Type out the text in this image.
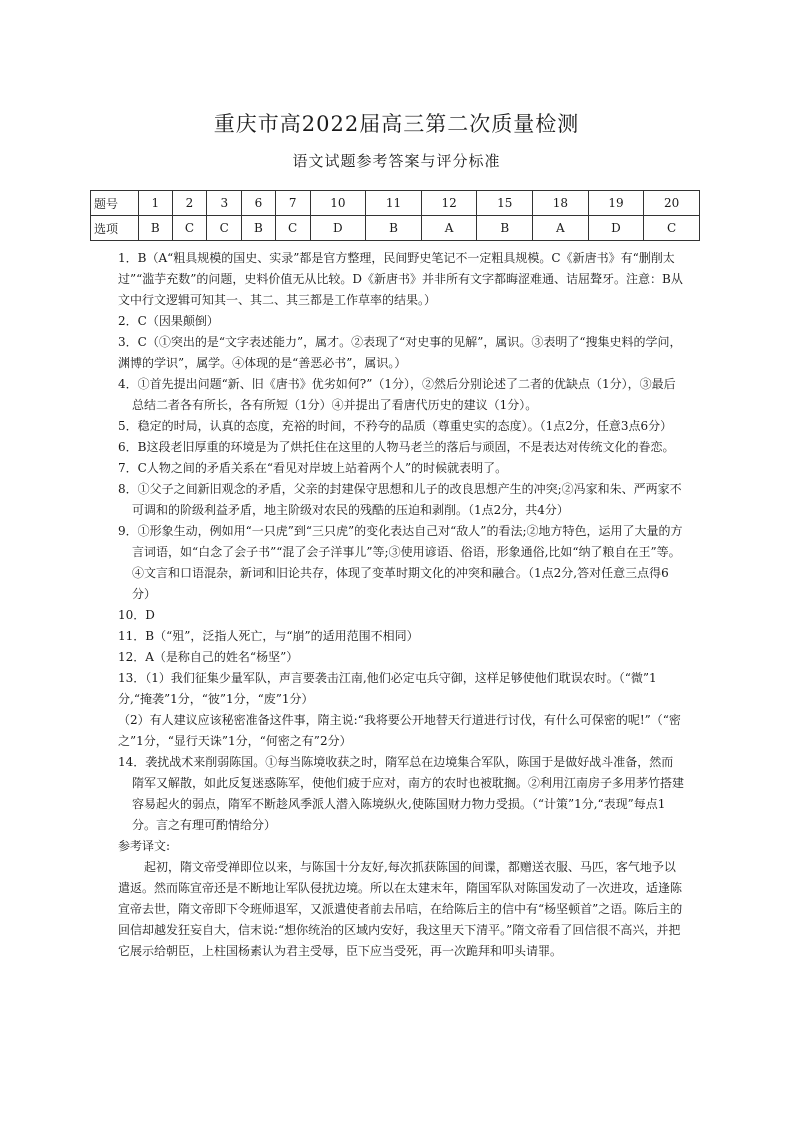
重庆市高2022届高三第二次质量检测
语文试题参考答案与评分标准
题号	1	2	3	6	7	10	11	12	15	18	19	20
选项	B	C	C	B	C	D	B	A	B	A	D	C

1．B（A“粗具规模的国史、实录”都是官方整理，民间野史笔记不一定粗具规模。C《新唐书》有“删削太过”“滥芋充数”的问题，史料价值无从比较。D《新唐书》并非所有文字都晦涩难通、诘屈聱牙。注意：B从文中行文逻辑可知其一、其二、其三都是工作草率的结果。）

2．C（因果颠倒）

3．C（①突出的是“文字表述能力”，属才。②表现了“对史事的见解”，属识。③表明了“搜集史料的学问，渊博的学识”，属学。④体现的是“善恶必书”，属识。）

4．①首先提出问题“新、旧《唐书》优劣如何?”（1分），②然后分别论述了二者的优缺点（1分），③最后总结二者各有所长，各有所短（1分）④并提出了看唐代历史的建议（1分）。

5．稳定的时局，认真的态度，充裕的时间，不矜夸的品质（尊重史实的态度）。（1点2分，任意3点6分）

6．B这段老旧厚重的环境是为了烘托住在这里的人物马老兰的落后与顽固，不是表达对传统文化的眷恋。

7．C人物之间的矛盾关系在“看见对岸坡上站着两个人”的时候就表明了。

8．①父子之间新旧观念的矛盾，父亲的封建保守思想和儿子的改良思想产生的冲突;②冯家和朱、严两家不可调和的阶级利益矛盾，地主阶级对农民的残酷的压迫和剥削。（1点2分，共4分）

9．①形象生动，例如用“一只虎”到“三只虎”的变化表达自己对“敌人”的看法;②地方特色，运用了大量的方言词语，如“白念了会子书”“混了会子洋事儿”等;③使用谚语、俗语，形象通俗,比如“纳了粮自在王”等。④文言和口语混杂，新词和旧论共存，体现了变革时期文化的冲突和融合。（1点2分,答对任意三点得6分）

10．D

11．B（“殂”，泛指人死亡，与“崩”的适用范围不相同）

12．A（是称自己的姓名“杨坚”）

13．（1）我们征集少量军队，声言要袭击江南,他们必定屯兵守御，这样足够使他们耽误农时。（“微”1分,“掩袭”1分，“彼”1分，“废”1分）

（2）有人建议应该秘密准备这件事，隋主说:“我将要公开地替天行道进行讨伐，有什么可保密的呢!”（“密之”1分，“显行天诛”1分，“何密之有”2分）

14．袭扰战术来削弱陈国。①每当陈境收获之时，隋军总在边境集合军队，陈国于是做好战斗准备，然而隋军又解散，如此反复迷惑陈军，使他们疲于应对，南方的农时也被耽搁。②利用江南房子多用茅竹搭建容易起火的弱点，隋军不断趁风季派人潜入陈境纵火,使陈国财力物力受损。（“计策”1分,“表现”每点1分。言之有理可酌情给分）

参考译文:

起初，隋文帝受禅即位以来，与陈国十分友好,每次抓获陈国的间谍，都赠送衣服、马匹，客气地予以遣返。然而陈宣帝还是不断地让军队侵扰边境。所以在太建末年，隋国军队对陈国发动了一次进攻，适逢陈宣帝去世，隋文帝即下令班师退军，又派遣使者前去吊唁，在给陈后主的信中有“杨坚顿首”之语。陈后主的回信却越发狂妄自大，信末说:“想你统治的区域内安好，我这里天下清平。”隋文帝看了回信很不高兴，并把它展示给朝臣，上柱国杨素认为君主受辱，臣下应当受死，再一次跪拜和叩头请罪。
